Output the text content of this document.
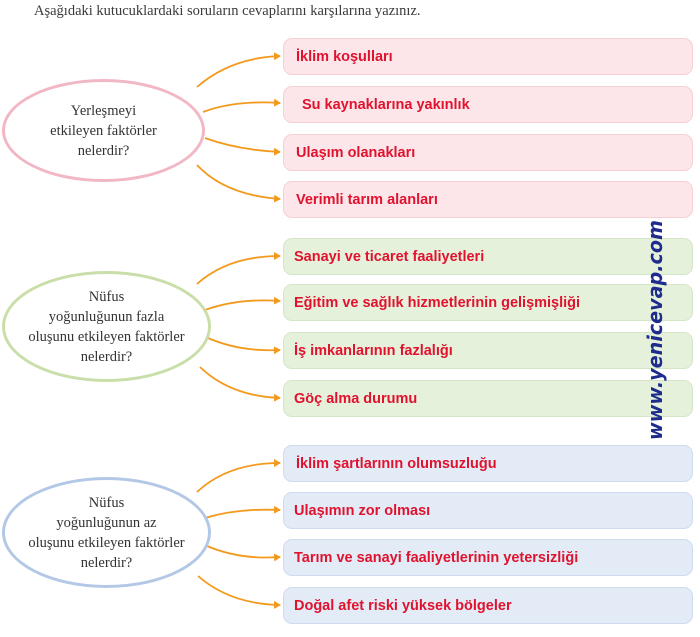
Aşağıdaki kutucuklardaki soruların cevaplarını karşılarına yazınız.
Yerleşmeyi
etkileyen faktörler
nelerdir?
İklim koşulları
Su kaynaklarına yakınlık
Ulaşım olanakları
Verimli tarım alanları
Nüfus
yoğunluğunun fazla
oluşunu etkileyen faktörler
nelerdir?
Sanayi ve ticaret faaliyetleri
Eğitim ve sağlık hizmetlerinin gelişmişliği
İş imkanlarının fazlalığı
Göç alma durumu
Nüfus
yoğunluğunun az
oluşunu etkileyen faktörler
nelerdir?
İklim şartlarının olumsuzluğu
Ulaşımın zor olması
Tarım ve sanayi faaliyetlerinin yetersizliği
Doğal afet riski yüksek bölgeler
www.yenicevap.com
